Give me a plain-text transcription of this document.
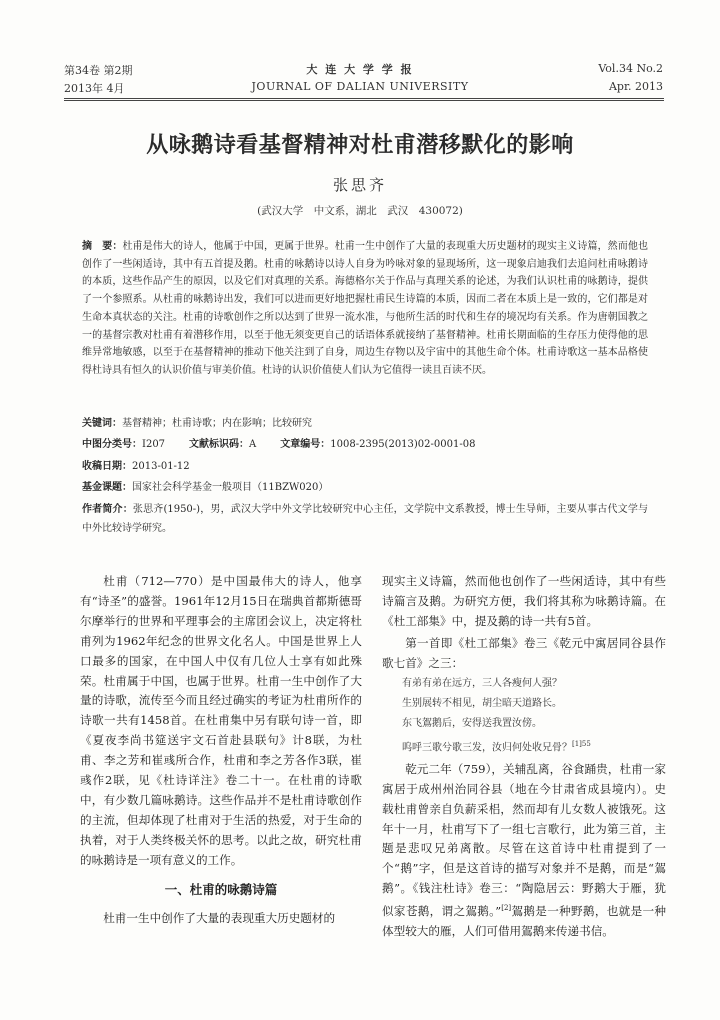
第34卷 第2期
2013年 4月
大 连 大 学 学 报
JOURNAL OF DALIAN UNIVERSITY
Vol.34 No.2
Apr. 2013
从咏鹅诗看基督精神对杜甫潜移默化的影响
张思齐
(武汉大学　中文系，湖北　武汉　430072)
摘　要：杜甫是伟大的诗人，他属于中国，更属于世界。杜甫一生中创作了大量的表现重大历史题材的现实主义诗篇，然而他也创作了一些闲适诗，其中有五首提及鹅。杜甫的咏鹅诗以诗人自身为吟咏对象的显现场所，这一现象启迪我们去追问杜甫咏鹅诗的本质，这些作品产生的原因，以及它们对真理的关系。海德格尔关于作品与真理关系的论述，为我们认识杜甫的咏鹅诗，提供了一个参照系。从杜甫的咏鹅诗出发，我们可以进而更好地把握杜甫民生诗篇的本质，因而二者在本质上是一致的，它们都是对生命本真状态的关注。杜甫的诗歌创作之所以达到了世界一流水准，与他所生活的时代和生存的境况均有关系。作为唐朝国教之一的基督宗教对杜甫有着潜移作用，以至于他无须变更自己的话语体系就接纳了基督精神。杜甫长期面临的生存压力使得他的思维异常地敏感，以至于在基督精神的推动下他关注到了自身，周边生存物以及宇宙中的其他生命个体。杜甫诗歌这一基本品格使得杜诗具有恒久的认识价值与审美价值。杜诗的认识价值使人们认为它值得一读且百读不厌。
关键词：基督精神；杜甫诗歌；内在影响；比较研究
中图分类号：I207 文献标识码：A 文章编号：1008-2395(2013)02-0001-08
收稿日期：2013-01-12
基金课题：国家社会科学基金一般项目（11BZW020）
作者简介：张思齐(1950-)，男，武汉大学中外文学比较研究中心主任，文学院中文系教授，博士生导师，主要从事古代文学与中外比较诗学研究。

杜甫（712—770）是中国最伟大的诗人，他享有“诗圣”的盛誉。1961年12月15日在瑞典首都斯德哥尔摩举行的世界和平理事会的主席团会议上，决定将杜甫列为1962年纪念的世界文化名人。中国是世界上人口最多的国家，在中国人中仅有几位人士享有如此殊荣。杜甫属于中国，也属于世界。杜甫一生中创作了大量的诗歌，流传至今而且经过确实的考证为杜甫所作的诗歌一共有1458首。在杜甫集中另有联句诗一首，即《夏夜李尚书筵送宇文石首赴县联句》计8联，为杜甫、李之芳和崔彧所合作，杜甫和李之芳各作3联，崔彧作2联，见《杜诗详注》卷二十一。在杜甫的诗歌中，有少数几篇咏鹅诗。这些作品并不是杜甫诗歌创作的主流，但却体现了杜甫对于生活的热爱，对于生命的执着，对于人类终极关怀的思考。以此之故，研究杜甫的咏鹅诗是一项有意义的工作。

一、杜甫的咏鹅诗篇

杜甫一生中创作了大量的表现重大历史题材的

现实主义诗篇，然而他也创作了一些闲适诗，其中有些诗篇言及鹅。为研究方便，我们将其称为咏鹅诗篇。在《杜工部集》中，提及鹅的诗一共有5首。

第一首即《杜工部集》卷三《乾元中寓居同谷县作歌七首》之三：

有弟有弟在远方，三人各瘦何人强？
生别展转不相见，胡尘暗天道路长。
东飞鴐鹅后，安得送我置汝傍。
呜呼三歌兮歌三发，汝归何处收兄骨？$^{[1]55}$

乾元二年（759），关辅乱离，谷食踊贵，杜甫一家寓居于成州州治同谷县（地在今甘肃省成县境内）。史载杜甫曾亲自负薪采梠，然而却有儿女数人被饿死。这年十一月，杜甫写下了一组七言歌行，此为第三首，主题是悲叹兄弟离散。尽管在这首诗中杜甫提到了一个“鹅”字，但是这首诗的描写对象并不是鹅，而是“鴐鹅”。《钱注杜诗》卷三：“陶隐居云：野鹅大于雁，犹似家苍鹅，谓之鴐鹅。”[2]鴐鹅是一种野鹅，也就是一种体型较大的雁，人们可借用鴐鹅来传递书信。
